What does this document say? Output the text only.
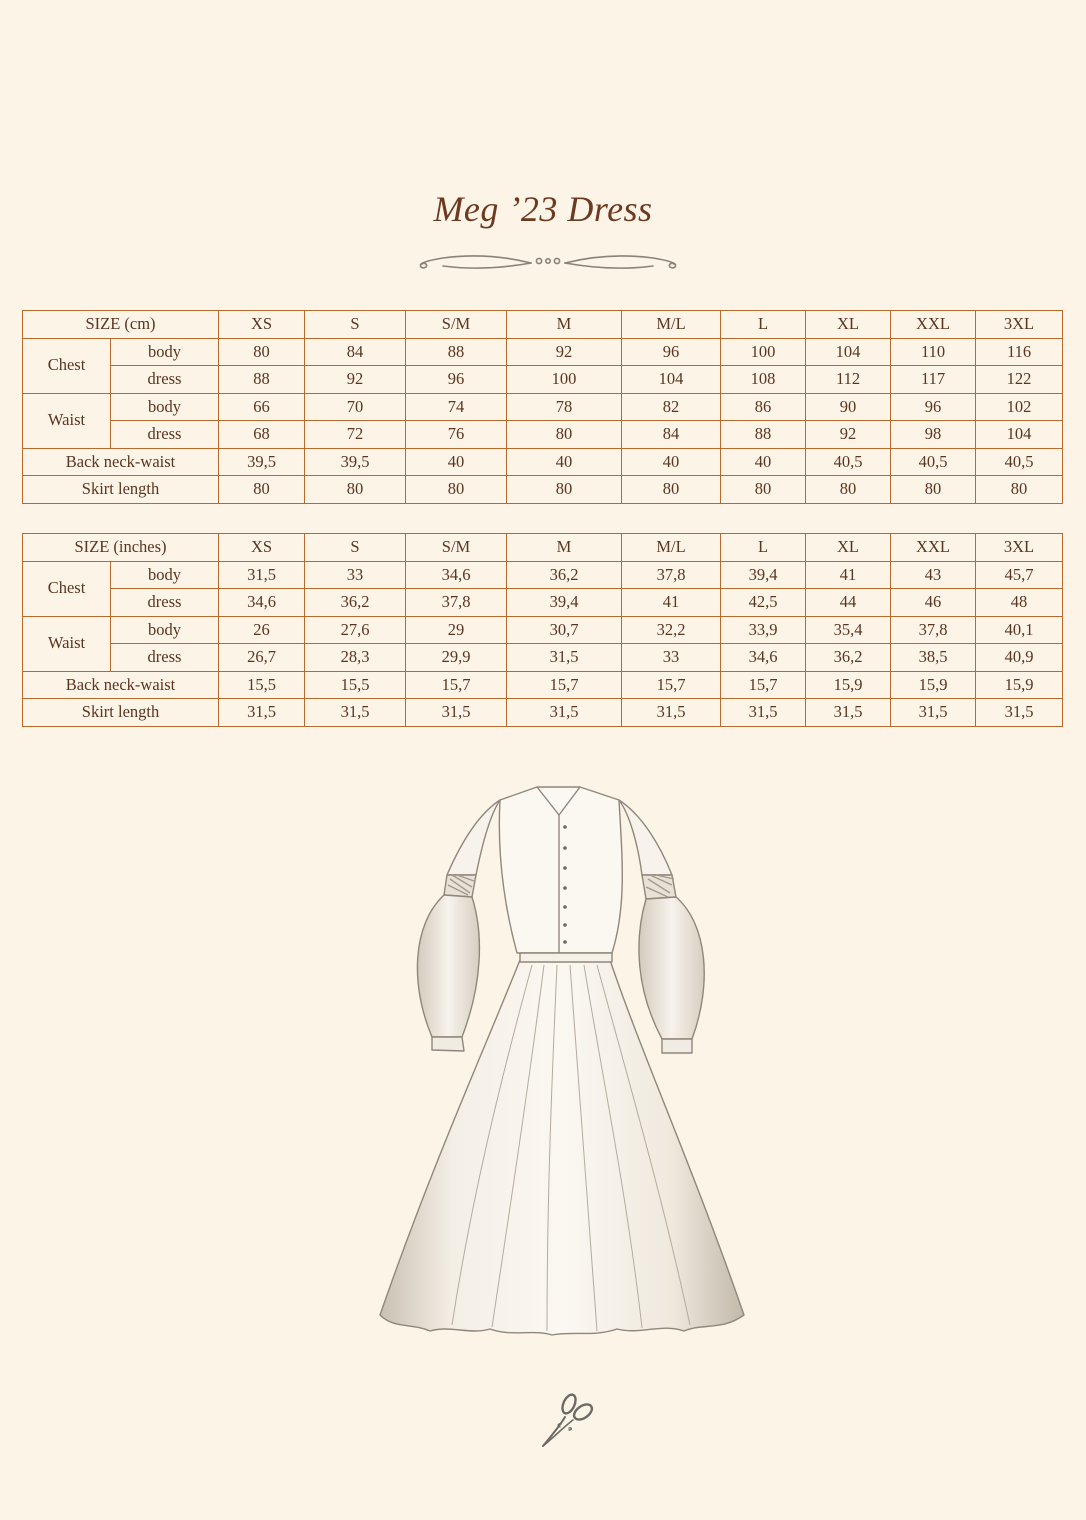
Meg ’23 Dress
SIZE (cm)		XS	S	S/M	M	M/L	L	XL	XXL	3XL
Chest	body	80	84	88	92	96	100	104	110	116
	dress	88	92	96	100	104	108	112	117	122
Waist	body	66	70	74	78	82	86	90	96	102
	dress	68	72	76	80	84	88	92	98	104
Back neck-waist		39,5	39,5	40	40	40	40	40,5	40,5	40,5
Skirt length		80	80	80	80	80	80	80	80	80
SIZE (inches)		XS	S	S/M	M	M/L	L	XL	XXL	3XL
Chest	body	31,5	33	34,6	36,2	37,8	39,4	41	43	45,7
	dress	34,6	36,2	37,8	39,4	41	42,5	44	46	48
Waist	body	26	27,6	29	30,7	32,2	33,9	35,4	37,8	40,1
	dress	26,7	28,3	29,9	31,5	33	34,6	36,2	38,5	40,9
Back neck-waist		15,5	15,5	15,7	15,7	15,7	15,7	15,9	15,9	15,9
Skirt length		31,5	31,5	31,5	31,5	31,5	31,5	31,5	31,5	31,5
